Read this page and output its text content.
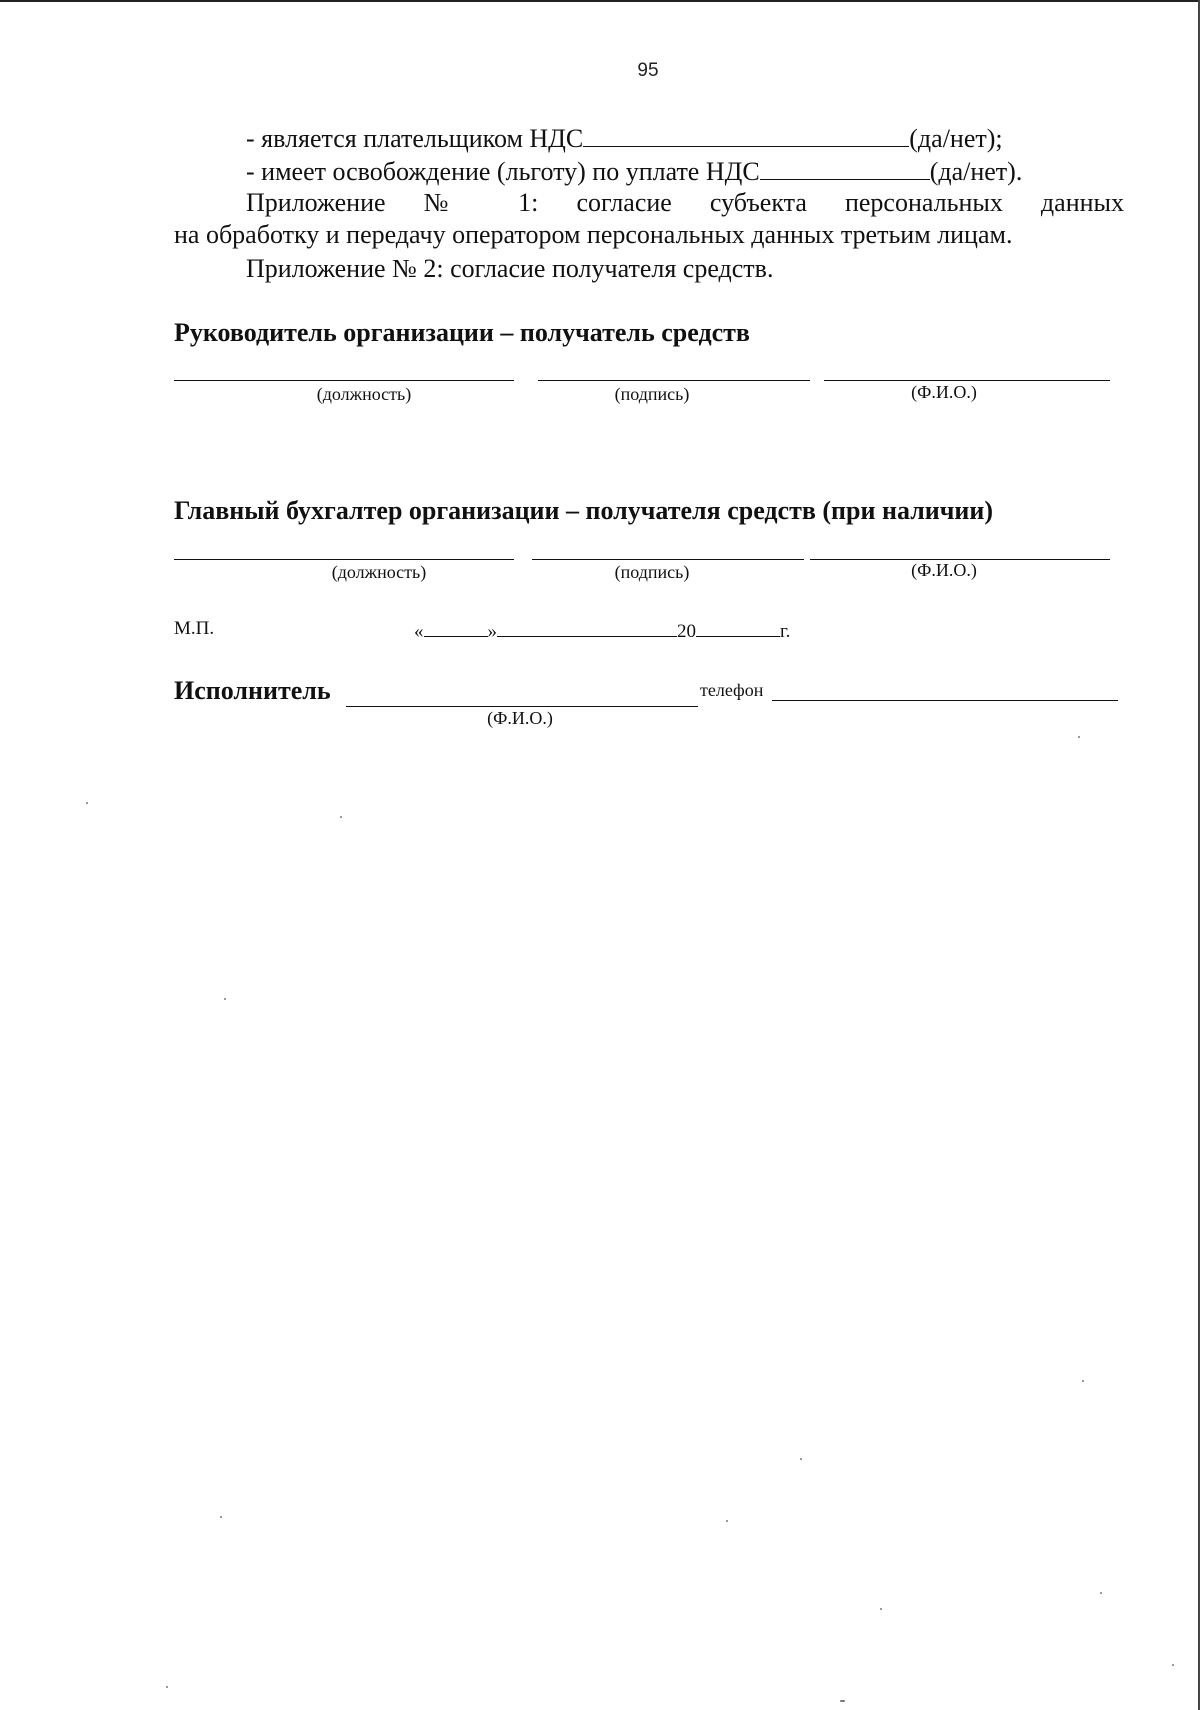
95
- является плательщиком НДС	(да/нет);
- имеет освобождение (льготу) по уплате НДС	(да/нет).
Приложение № 1: согласие субъекта персональных данных
на обработку и передачу оператором персональных данных третьим лицам.
Приложение № 2: согласие получателя средств.
Руководитель организации – получатель средств
(должность)	(подпись)	(Ф.И.О.)
Главный бухгалтер организации – получателя средств (при наличии)
(должность)	(подпись)	(Ф.И.О.)
М.П.	«	»	20	г.
Исполнитель	телефон
(Ф.И.О.)
